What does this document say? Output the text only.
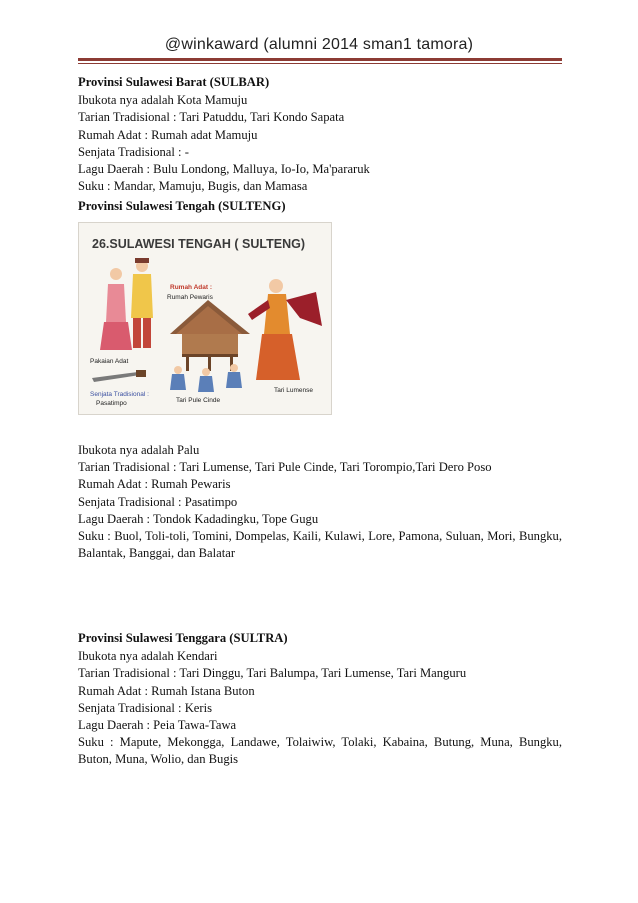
@winkaward (alumni 2014 sman1 tamora)
Provinsi Sulawesi Barat (SULBAR)
Ibukota nya adalah Kota Mamuju
Tarian Tradisional : Tari Patuddu, Tari Kondo Sapata
Rumah Adat : Rumah adat Mamuju
Senjata Tradisional : -
Lagu Daerah : Bulu Londong, Malluya, Io-Io, Ma'pararuk
Suku : Mandar, Mamuju, Bugis, dan Mamasa
Provinsi Sulawesi Tengah (SULTENG)
26.SULAWESI TENGAH ( SULTENG)
Rumah Adat :
Rumah Pewaris
Pakaian Adat
Tari Lumense
Tari Pule Cinde
Senjata Tradisional :
Pasatimpo
Ibukota nya adalah Palu
Tarian Tradisional : Tari Lumense, Tari Pule Cinde, Tari Torompio,Tari Dero Poso
Rumah Adat : Rumah Pewaris
Senjata Tradisional : Pasatimpo
Lagu Daerah : Tondok Kadadingku, Tope Gugu
Suku : Buol, Toli-toli, Tomini, Dompelas, Kaili, Kulawi, Lore, Pamona, Suluan, Mori, Bungku, Balantak, Banggai, dan Balatar
Provinsi Sulawesi Tenggara (SULTRA)
Ibukota nya adalah Kendari
Tarian Tradisional : Tari Dinggu, Tari Balumpa, Tari Lumense, Tari Manguru
Rumah Adat : Rumah Istana Buton
Senjata Tradisional : Keris
Lagu Daerah : Peia Tawa-Tawa
Suku : Mapute, Mekongga, Landawe, Tolaiwiw, Tolaki, Kabaina, Butung, Muna, Bungku, Buton, Muna, Wolio, dan Bugis
